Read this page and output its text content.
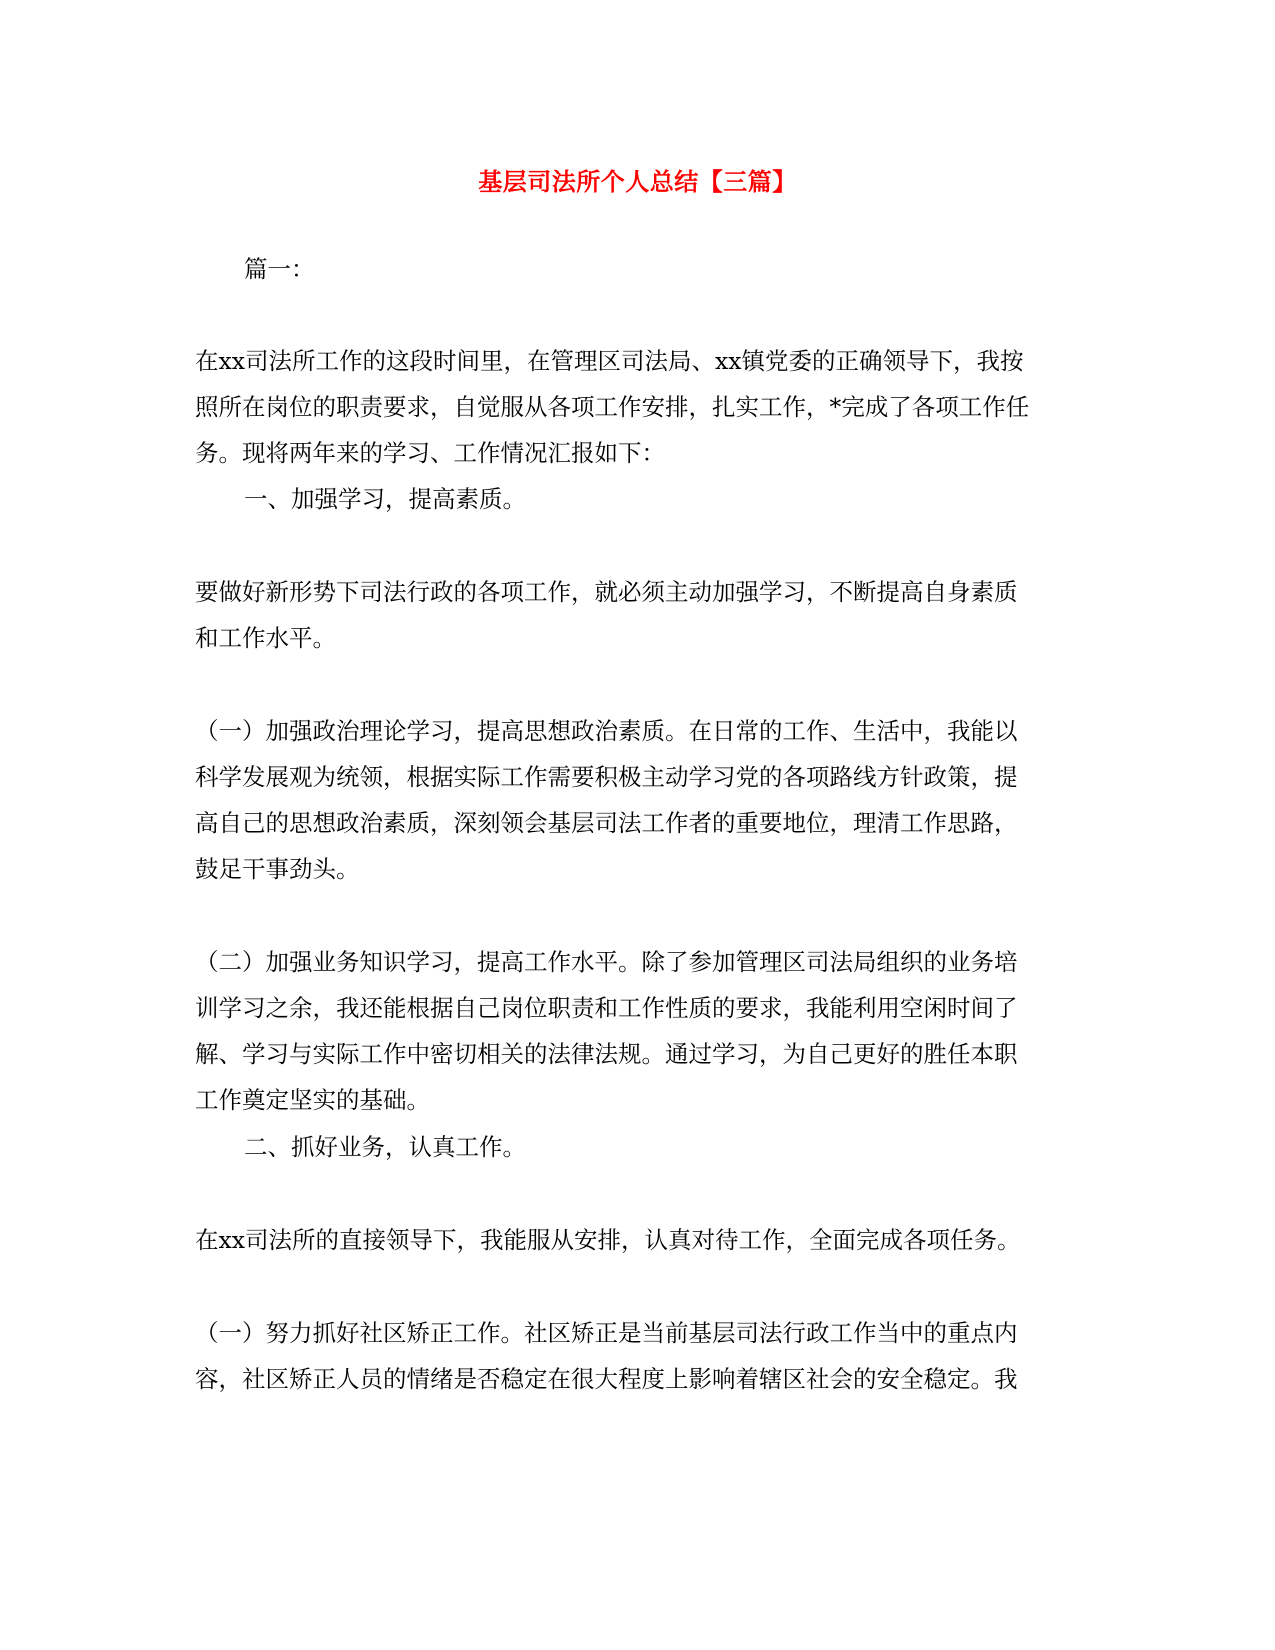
基层司法所个人总结【三篇】
篇一：
在xx司法所工作的这段时间里，在管理区司法局、xx镇党委的正确领导下，我按
照所在岗位的职责要求，自觉服从各项工作安排，扎实工作，*完成了各项工作任
务。现将两年来的学习、工作情况汇报如下：
一、加强学习，提高素质。
要做好新形势下司法行政的各项工作，就必须主动加强学习，不断提高自身素质
和工作水平。
（一）加强政治理论学习，提高思想政治素质。在日常的工作、生活中，我能以
科学发展观为统领，根据实际工作需要积极主动学习党的各项路线方针政策，提
高自己的思想政治素质，深刻领会基层司法工作者的重要地位，理清工作思路，
鼓足干事劲头。
（二）加强业务知识学习，提高工作水平。除了参加管理区司法局组织的业务培
训学习之余，我还能根据自己岗位职责和工作性质的要求，我能利用空闲时间了
解、学习与实际工作中密切相关的法律法规。通过学习，为自己更好的胜任本职
工作奠定坚实的基础。
二、抓好业务，认真工作。
在xx司法所的直接领导下，我能服从安排，认真对待工作，全面完成各项任务。
（一）努力抓好社区矫正工作。社区矫正是当前基层司法行政工作当中的重点内
容，社区矫正人员的情绪是否稳定在很大程度上影响着辖区社会的安全稳定。我
